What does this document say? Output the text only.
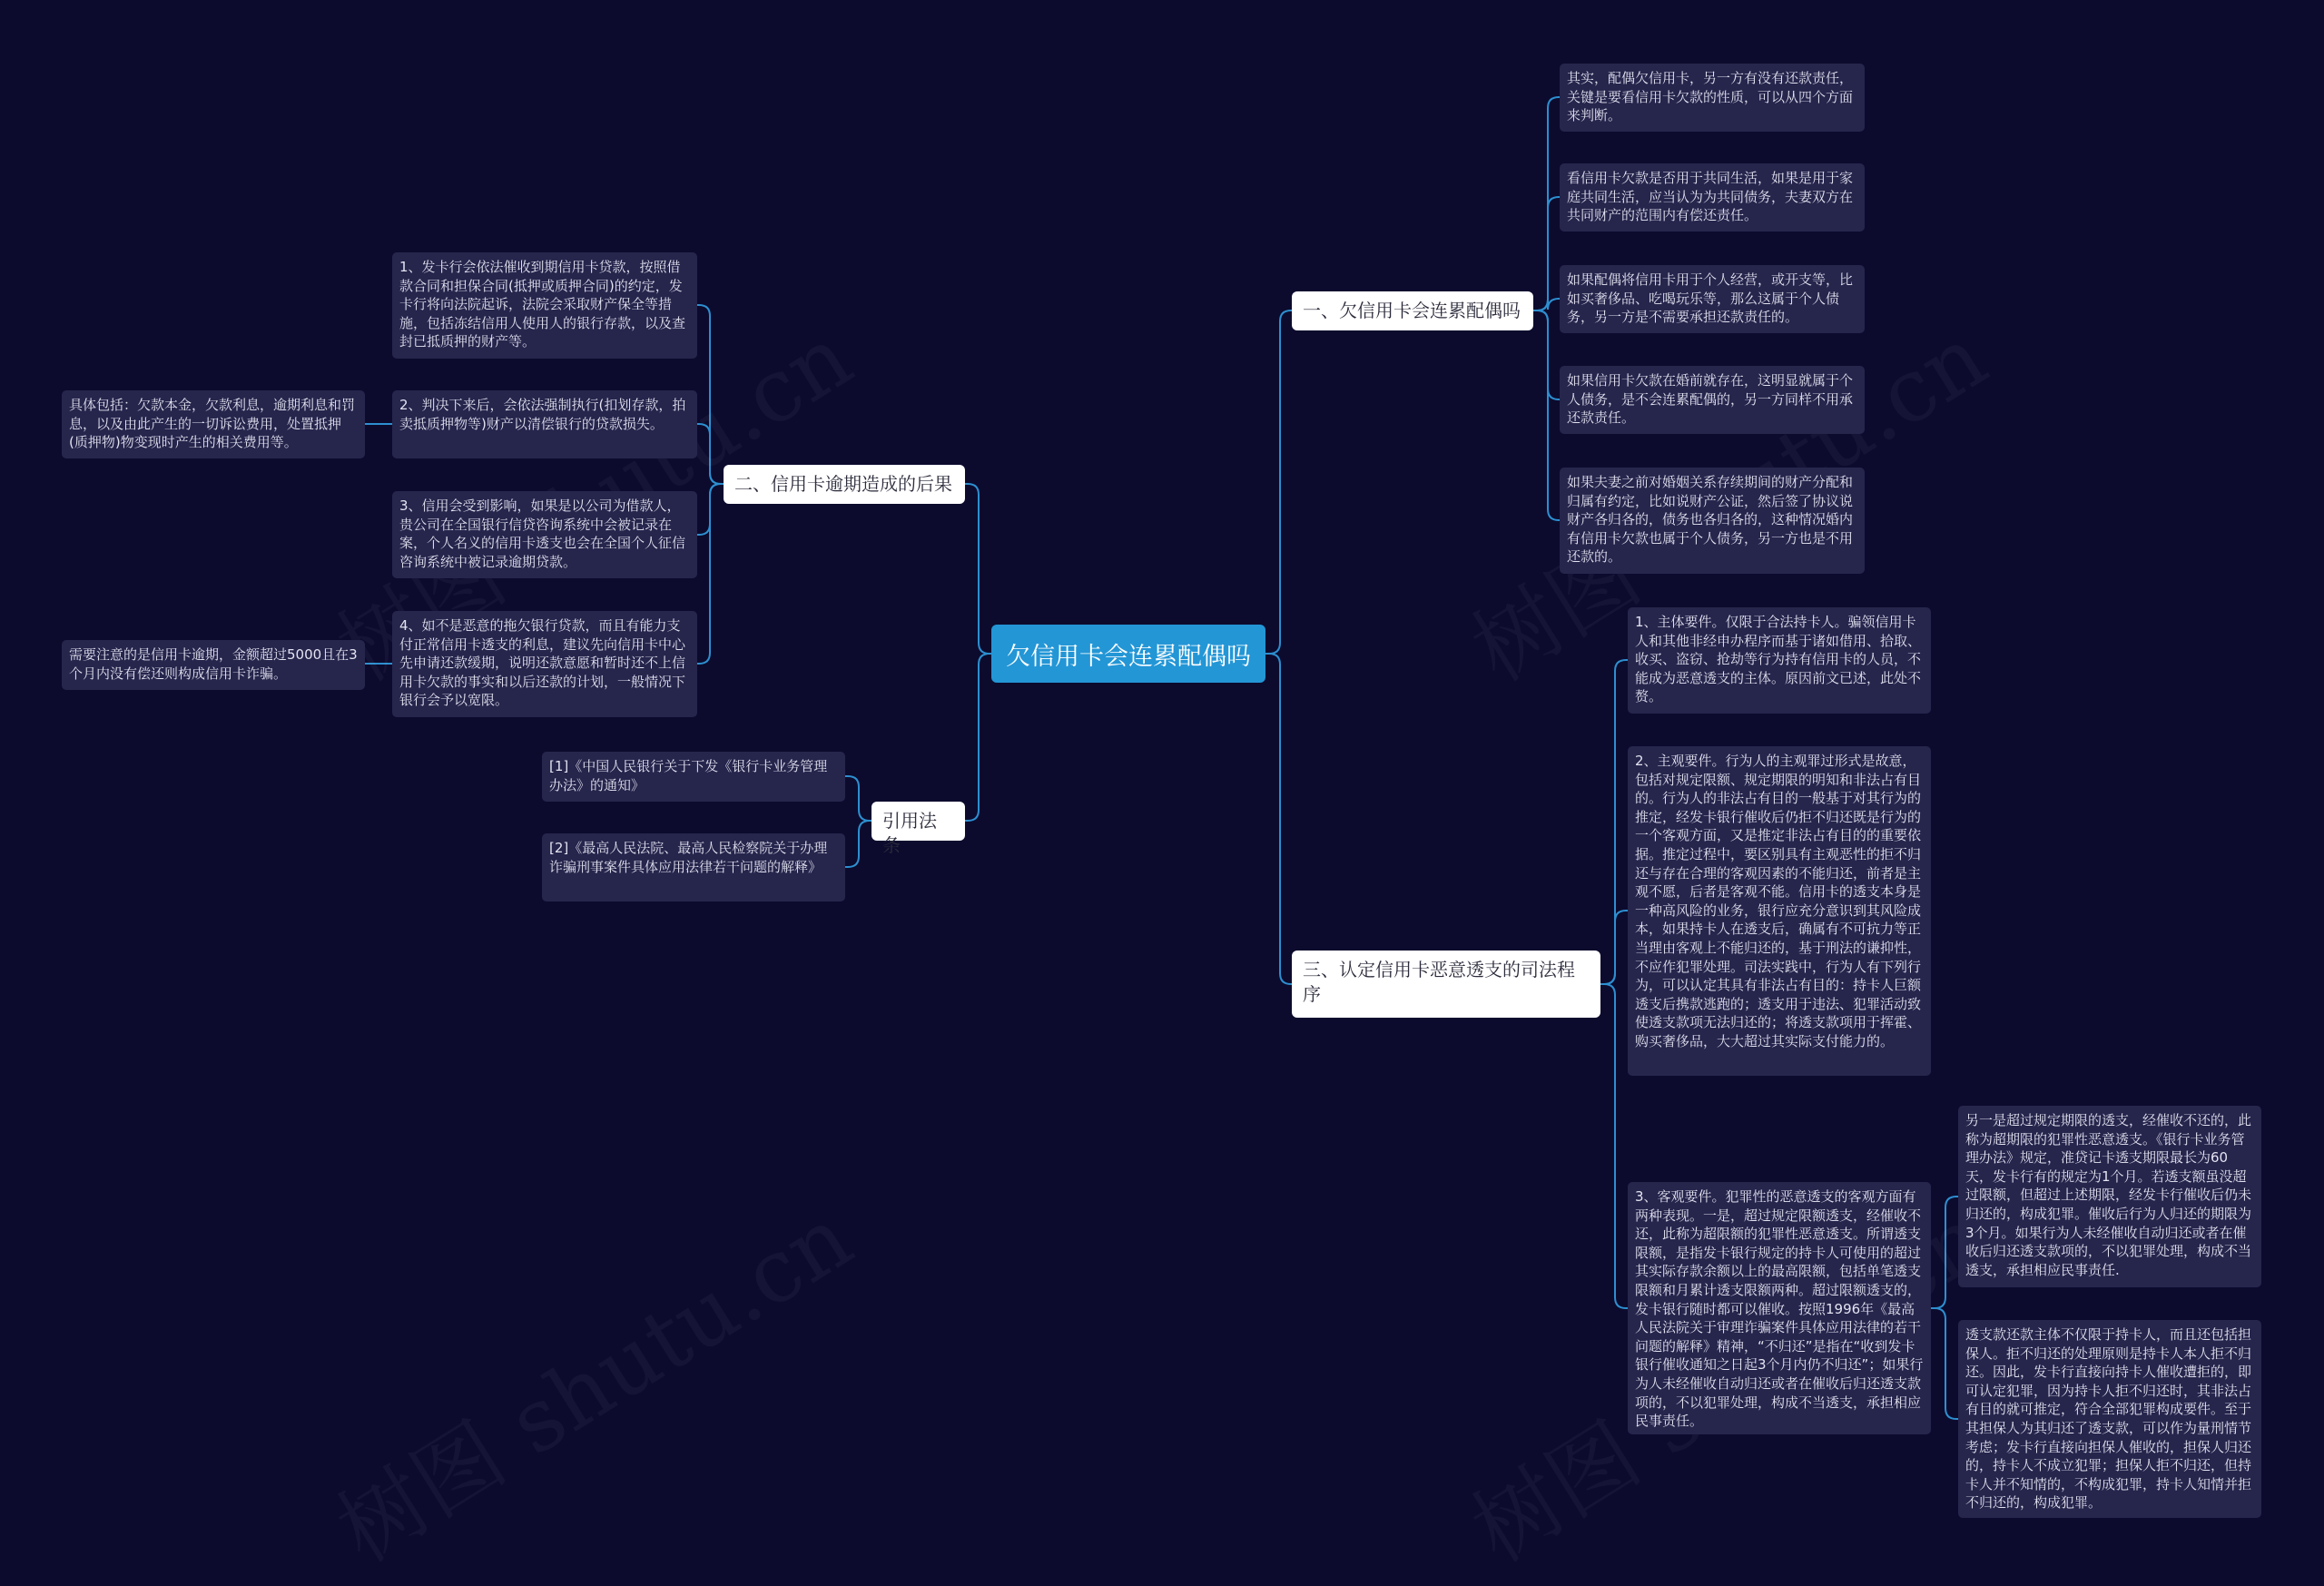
欠信用卡会连累配偶吗
一、欠信用卡会连累配偶吗
二、信用卡逾期造成的后果
三、认定信用卡恶意透支的司法程序
引用法条
其实，配偶欠信用卡，另一方有没有还款责任，关键是要看信用卡欠款的性质，可以从四个方面来判断。
看信用卡欠款是否用于共同生活，如果是用于家庭共同生活，应当认为为共同债务，夫妻双方在共同财产的范围内有偿还责任。
如果配偶将信用卡用于个人经营，或开支等，比如买奢侈品、吃喝玩乐等，那么这属于个人债务，另一方是不需要承担还款责任的。
如果信用卡欠款在婚前就存在，这明显就属于个人债务，是不会连累配偶的，另一方同样不用承还款责任。
如果夫妻之前对婚姻关系存续期间的财产分配和归属有约定，比如说财产公证，然后签了协议说财产各归各的，债务也各归各的，这种情况婚内有信用卡欠款也属于个人债务，另一方也是不用还款的。
1、发卡行会依法催收到期信用卡贷款，按照借款合同和担保合同(抵押或质押合同)的约定，发卡行将向法院起诉，法院会采取财产保全等措施，包括冻结信用人使用人的银行存款，以及查封已抵质押的财产等。
2、判决下来后，会依法强制执行(扣划存款，拍卖抵质押物等)财产以清偿银行的贷款损失。
3、信用会受到影响，如果是以公司为借款人，贵公司在全国银行信贷咨询系统中会被记录在案，个人名义的信用卡透支也会在全国个人征信咨询系统中被记录逾期贷款。
4、如不是恶意的拖欠银行贷款，而且有能力支付正常信用卡透支的利息，建议先向信用卡中心先申请还款缓期，说明还款意愿和暂时还不上信用卡欠款的事实和以后还款的计划，一般情况下银行会予以宽限。
具体包括：欠款本金，欠款利息，逾期利息和罚息，以及由此产生的一切诉讼费用，处置抵押(质押物)物变现时产生的相关费用等。
需要注意的是信用卡逾期，金额超过5000且在3个月内没有偿还则构成信用卡诈骗。
1、主体要件。仅限于合法持卡人。骗领信用卡人和其他非经申办程序而基于诸如借用、拾取、收买、盗窃、抢劫等行为持有信用卡的人员，不能成为恶意透支的主体。原因前文已述，此处不赘。
2、主观要件。行为人的主观罪过形式是故意，包括对规定限额、规定期限的明知和非法占有目的。行为人的非法占有目的一般基于对其行为的推定，经发卡银行催收后仍拒不归还既是行为的一个客观方面，又是推定非法占有目的的重要依据。推定过程中，要区别具有主观恶性的拒不归还与存在合理的客观因素的不能归还，前者是主观不愿，后者是客观不能。信用卡的透支本身是一种高风险的业务，银行应充分意识到其风险成本，如果持卡人在透支后，确属有不可抗力等正当理由客观上不能归还的，基于刑法的谦抑性，不应作犯罪处理。司法实践中，行为人有下列行为，可以认定其具有非法占有目的：持卡人巨额透支后携款逃跑的；透支用于违法、犯罪活动致使透支款项无法归还的；将透支款项用于挥霍、购买奢侈品，大大超过其实际支付能力的。
3、客观要件。犯罪性的恶意透支的客观方面有两种表现。一是，超过规定限额透支，经催收不还，此称为超限额的犯罪性恶意透支。所谓透支限额，是指发卡银行规定的持卡人可使用的超过其实际存款余额以上的最高限额，包括单笔透支限额和月累计透支限额两种。超过限额透支的，发卡银行随时都可以催收。按照1996年《最高人民法院关于审理诈骗案件具体应用法律的若干问题的解释》精神，“不归还”是指在“收到发卡银行催收通知之日起3个月内仍不归还”；如果行为人未经催收自动归还或者在催收后归还透支款项的，不以犯罪处理，构成不当透支，承担相应民事责任。
另一是超过规定期限的透支，经催收不还的，此称为超期限的犯罪性恶意透支。《银行卡业务管理办法》规定，准贷记卡透支期限最长为60天，发卡行有的规定为1个月。若透支额虽没超过限额，但超过上述期限，经发卡行催收后仍未归还的，构成犯罪。催收后行为人归还的期限为3个月。如果行为人未经催收自动归还或者在催收后归还透支款项的，不以犯罪处理，构成不当透支，承担相应民事责任.
透支款还款主体不仅限于持卡人，而且还包括担保人。拒不归还的处理原则是持卡人本人拒不归还。因此，发卡行直接向持卡人催收遭拒的，即可认定犯罪，因为持卡人拒不归还时，其非法占有目的就可推定，符合全部犯罪构成要件。至于其担保人为其归还了透支款，可以作为量刑情节考虑；发卡行直接向担保人催收的，担保人归还的，持卡人不成立犯罪；担保人拒不归还，但持卡人并不知情的，不构成犯罪，持卡人知情并拒不归还的，构成犯罪。
[1]《中国人民银行关于下发《银行卡业务管理办法》的通知》
[2]《最高人民法院、最高人民检察院关于办理诈骗刑事案件具体应用法律若干问题的解释》
